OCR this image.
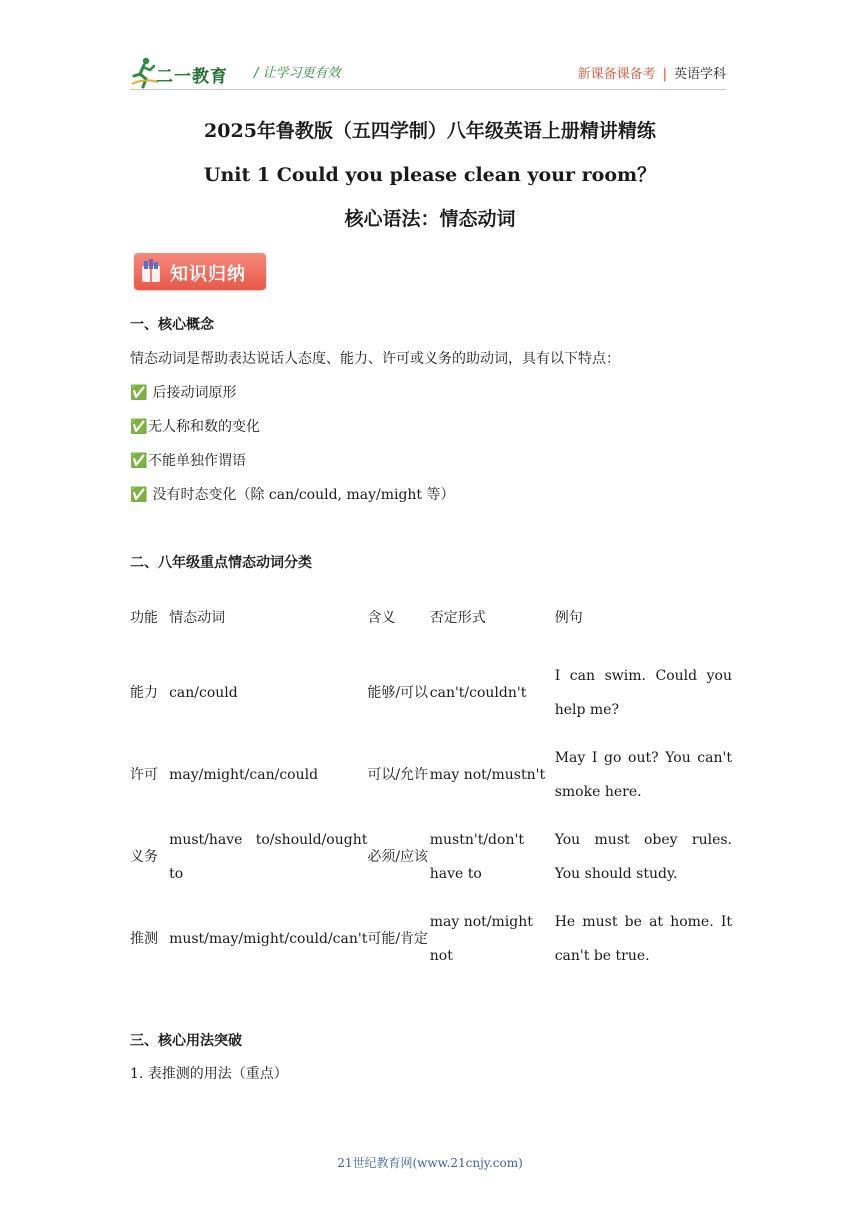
二一教育 / 让学习更有效	新课备课备考 | 英语学科
2025年鲁教版（五四学制）八年级英语上册精讲精练
Unit 1 Could you please clean your room？
核心语法：情态动词
知识归纳
一、核心概念
情态动词是帮助表达说话人态度、能力、许可或义务的助动词，具有以下特点：
✅ 后接动词原形
✅无人称和数的变化
✅不能单独作谓语
✅ 没有时态变化（除 can/could, may/might 等）
二、八年级重点情态动词分类
功能	情态动词	含义	否定形式	例句
能力	can/could	能够/可以	can't/couldn't	I can swim. Could you help me?
许可	may/might/can/could	可以/允许	may not/mustn't	May I go out? You can't smoke here.
义务	must/have to/should/ought to	必须/应该	mustn't/don't have to	You must obey rules. You should study.
推测	must/may/might/could/can't	可能/肯定	may not/might not	He must be at home. It can't be true.
三、核心用法突破
1. 表推测的用法（重点）
21世纪教育网(www.21cnjy.com)
